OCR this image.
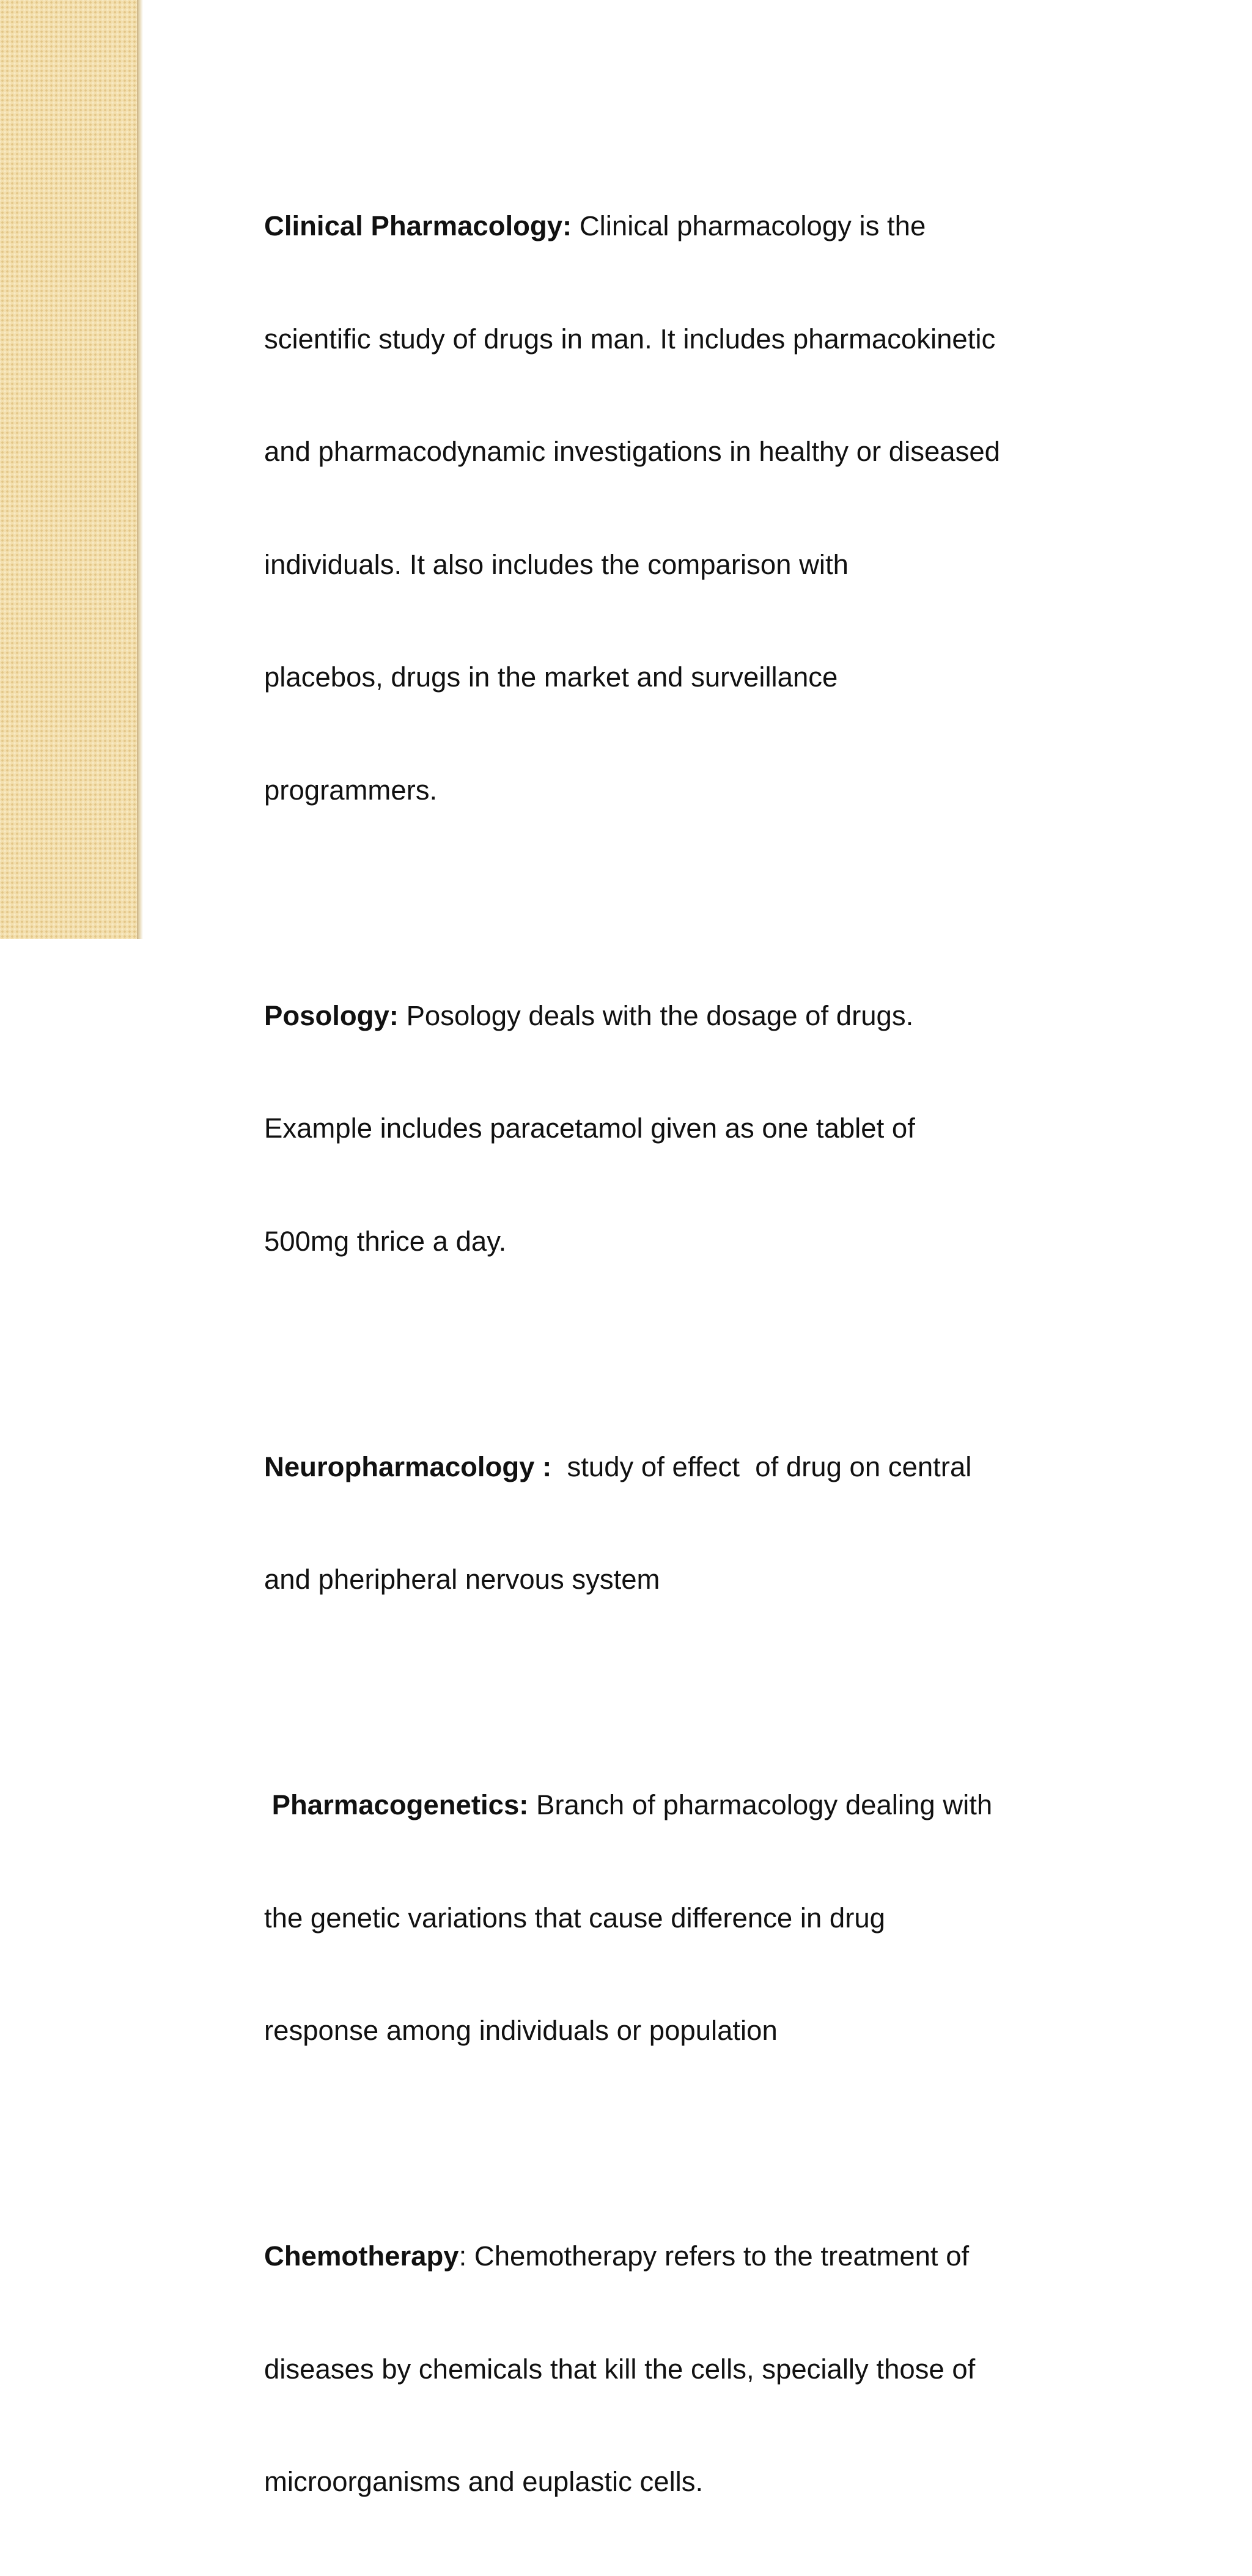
Clinical Pharmacology: Clinical pharmacology is the

scientific study of drugs in man. It includes pharmacokinetic

and pharmacodynamic investigations in healthy or diseased

individuals. It also includes the comparison with

placebos, drugs in the market and surveillance

programmers.

Posology: Posology deals with the dosage of drugs.

Example includes paracetamol given as one tablet of

500mg thrice a day.

Neuropharmacology :  study of effect  of drug on central

and pheripheral nervous system

Pharmacogenetics: Branch of pharmacology dealing with

the genetic variations that cause difference in drug

response among individuals or population

Chemotherapy: Chemotherapy refers to the treatment of

diseases by chemicals that kill the cells, specially those of

microorganisms and euplastic cells.
